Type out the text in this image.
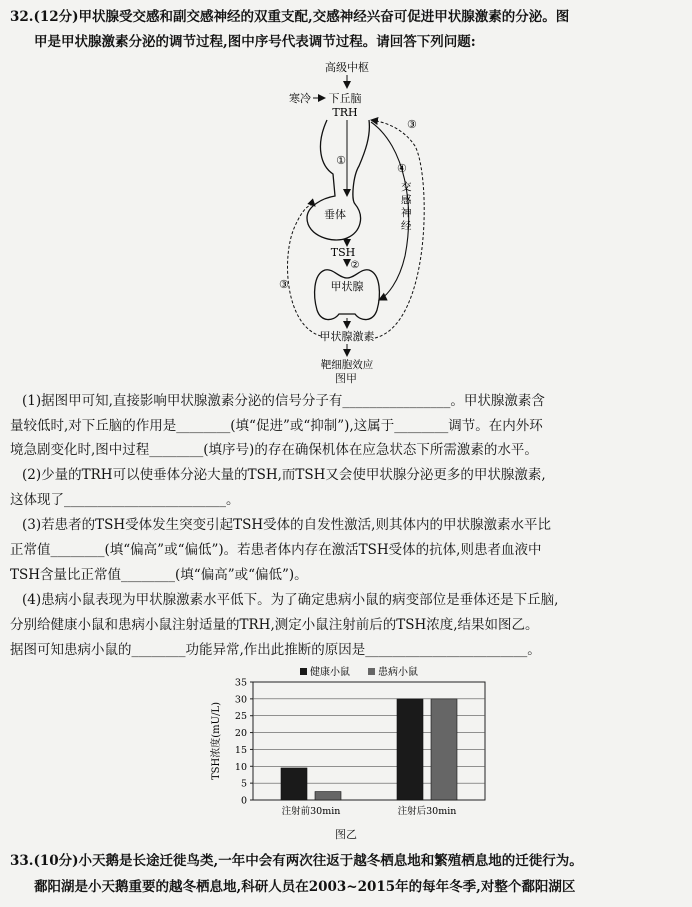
32.(12分)甲状腺受交感和副交感神经的双重支配,交感神经兴奋可促进甲状腺激素的分泌。图
甲是甲状腺激素分泌的调节过程,图中序号代表调节过程。请回答下列问题:
高级中枢
寒冷 下丘脑
TRH
①
垂体
TSH
②
甲状腺
甲状腺激素
靶细胞效应
③
③
④
交
感
神
经
图甲
(1)据图甲可知,直接影响甲状腺激素分泌的信号分子有________________。甲状腺激素含
量较低时,对下丘脑的作用是________(填“促进”或“抑制”),这属于________调节。在内外环
境急剧变化时,图中过程________(填序号)的存在确保机体在应急状态下所需激素的水平。
(2)少量的TRH可以使垂体分泌大量的TSH,而TSH又会使甲状腺分泌更多的甲状腺激素,
这体现了________________________。
(3)若患者的TSH受体发生突变引起TSH受体的自发性激活,则其体内的甲状腺激素水平比
正常值________(填“偏高”或“偏低”)。若患者体内存在激活TSH受体的抗体,则患者血液中
TSH含量比正常值________(填“偏高”或“偏低”)。
(4)患病小鼠表现为甲状腺激素水平低下。为了确定患病小鼠的病变部位是垂体还是下丘脑,
分别给健康小鼠和患病小鼠注射适量的TRH,测定小鼠注射前后的TSH浓度,结果如图乙。
据图可知患病小鼠的________功能异常,作出此推断的原因是________________________。
0
5
10
15
20
25
30
35
TSH浓度(mU/L)
健康小鼠	患病小鼠
注射前30min	注射后30min
图乙
33.(10分)小天鹅是长途迁徙鸟类,一年中会有两次往返于越冬栖息地和繁殖栖息地的迁徙行为。
鄱阳湖是小天鹅重要的越冬栖息地,科研人员在2003~2015年的每年冬季,对整个鄱阳湖区
